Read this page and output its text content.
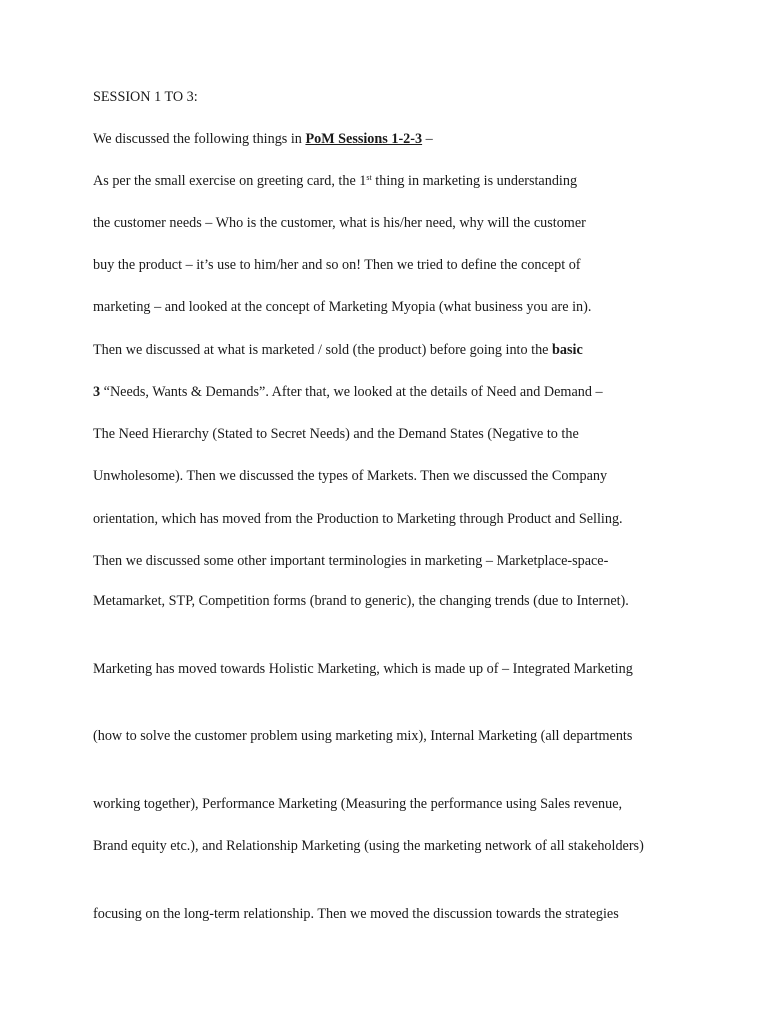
SESSION 1 TO 3:
We discussed the following things in PoM Sessions 1-2-3 –
As per the small exercise on greeting card, the 1st thing in marketing is understanding
the customer needs – Who is the customer, what is his/her need, why will the customer
buy the product – it’s use to him/her and so on! Then we tried to define the concept of
marketing – and looked at the concept of Marketing Myopia (what business you are in).
Then we discussed at what is marketed / sold (the product) before going into the basic
3 “Needs, Wants & Demands”. After that, we looked at the details of Need and Demand –
The Need Hierarchy (Stated to Secret Needs) and the Demand States (Negative to the
Unwholesome). Then we discussed the types of Markets. Then we discussed the Company
orientation, which has moved from the Production to Marketing through Product and Selling.
Then we discussed some other important terminologies in marketing – Marketplace-space-
Metamarket, STP, Competition forms (brand to generic), the changing trends (due to Internet).
Marketing has moved towards Holistic Marketing, which is made up of – Integrated Marketing
(how to solve the customer problem using marketing mix), Internal Marketing (all departments
working together), Performance Marketing (Measuring the performance using Sales revenue,
Brand equity etc.), and Relationship Marketing (using the marketing network of all stakeholders)
focusing on the long-term relationship. Then we moved the discussion towards the strategies
